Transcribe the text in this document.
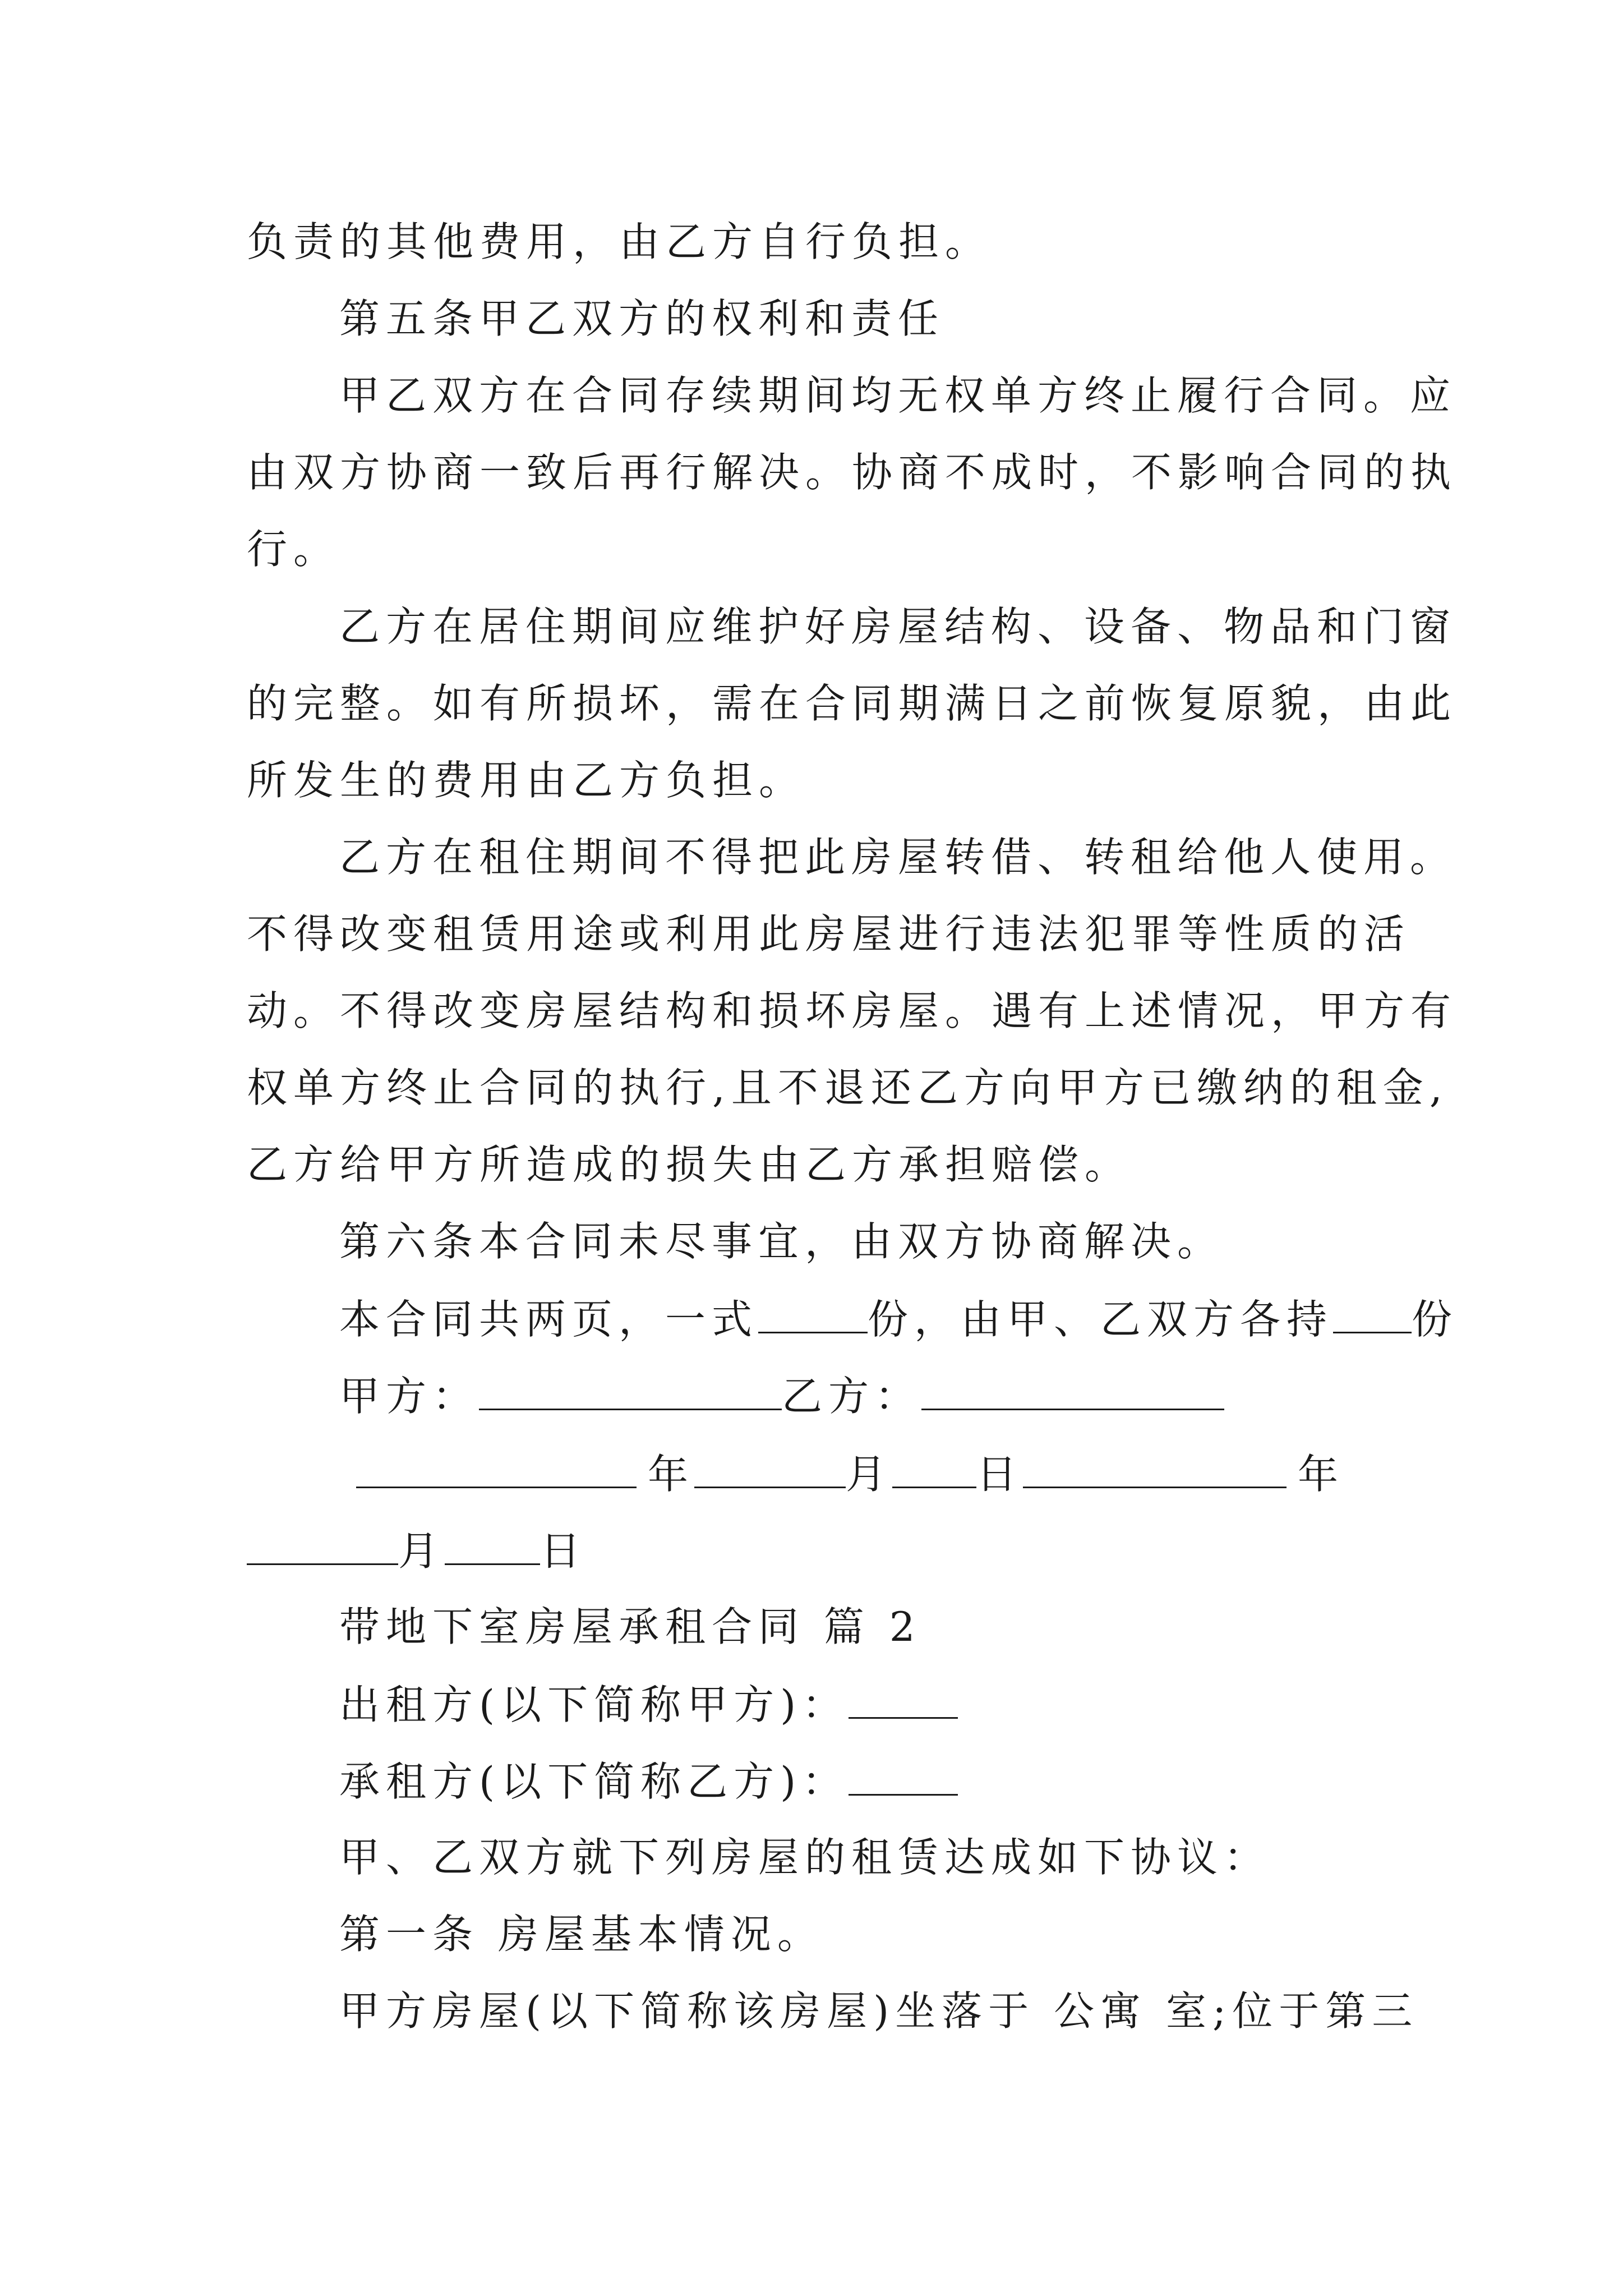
负责的其他费用，由乙方自行负担。
第五条甲乙双方的权利和责任
甲乙双方在合同存续期间均无权单方终止履行合同。应
由双方协商一致后再行解决。协商不成时，不影响合同的执
行。
乙方在居住期间应维护好房屋结构、设备、物品和门窗
的完整。如有所损坏，需在合同期满日之前恢复原貌，由此
所发生的费用由乙方负担。
乙方在租住期间不得把此房屋转借、转租给他人使用。
不得改变租赁用途或利用此房屋进行违法犯罪等性质的活
动。不得改变房屋结构和损坏房屋。遇有上述情况，甲方有
权单方终止合同的执行,且不退还乙方向甲方已缴纳的租金,
乙方给甲方所造成的损失由乙方承担赔偿。
第六条本合同未尽事宜，由双方协商解决。
本合同共两页，一式	份，由甲、乙双方各持 份
甲方：	乙方：
年	月 日	年
月 日
带地下室房屋承租合同 篇 2
出租方(以下简称甲方)：
承租方(以下简称乙方)：
甲、乙双方就下列房屋的租赁达成如下协议：
第一条 房屋基本情况。
甲方房屋(以下简称该房屋)坐落于 公寓 室;位于第三
